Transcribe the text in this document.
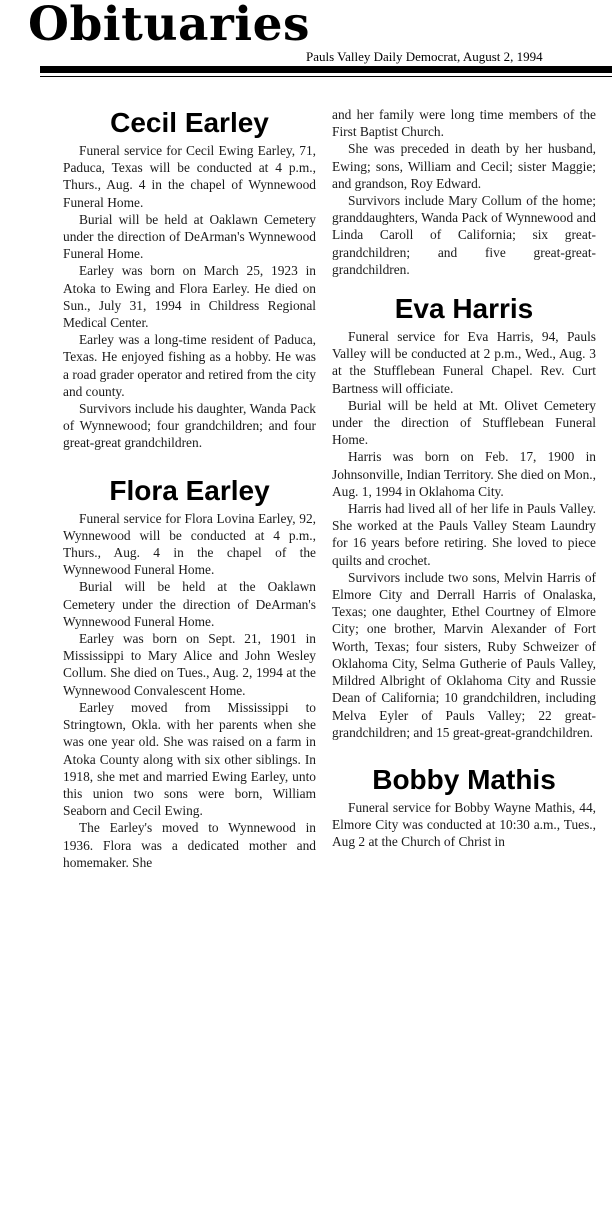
Obituaries
Pauls Valley Daily Democrat, August 2, 1994
Cecil Earley

Funeral service for Cecil Ewing Earley, 71, Paduca, Texas will be conducted at 4 p.m., Thurs., Aug. 4 in the chapel of Wynnewood Funeral Home.

Burial will be held at Oaklawn Cemetery under the direction of DeArman's Wynnewood Funeral Home.

Earley was born on March 25, 1923 in Atoka to Ewing and Flora Earley. He died on Sun., July 31, 1994 in Childress Regional Medical Center.

Earley was a long-time resident of Paduca, Texas. He enjoyed fishing as a hobby. He was a road grader operator and retired from the city and county.

Survivors include his daughter, Wanda Pack of Wynnewood; four grandchildren; and four great-great grandchildren.

Flora Earley

Funeral service for Flora Lovina Earley, 92, Wynnewood will be conducted at 4 p.m., Thurs., Aug. 4 in the chapel of the Wynnewood Funeral Home.

Burial will be held at the Oaklawn Cemetery under the direction of DeArman's Wynnewood Funeral Home.

Earley was born on Sept. 21, 1901 in Mississippi to Mary Alice and John Wesley Collum. She died on Tues., Aug. 2, 1994 at the Wynnewood Convalescent Home.

Earley moved from Mississippi to Stringtown, Okla. with her parents when she was one year old. She was raised on a farm in Atoka County along with six other siblings. In 1918, she met and married Ewing Earley, unto this union two sons were born, William Seaborn and Cecil Ewing.

The Earley's moved to Wynnewood in 1936. Flora was a dedicated mother and homemaker. She

and her family were long time members of the First Baptist Church.

She was preceded in death by her husband, Ewing; sons, William and Cecil; sister Maggie; and grandson, Roy Edward.

Survivors include Mary Collum of the home; granddaughters, Wanda Pack of Wynnewood and Linda Caroll of California; six great-grandchildren; and five great-great-grandchildren.

Eva Harris

Funeral service for Eva Harris, 94, Pauls Valley will be conducted at 2 p.m., Wed., Aug. 3 at the Stufflebean Funeral Chapel. Rev. Curt Bartness will officiate.

Burial will be held at Mt. Olivet Cemetery under the direction of Stufflebean Funeral Home.

Harris was born on Feb. 17, 1900 in Johnsonville, Indian Territory. She died on Mon., Aug. 1, 1994 in Oklahoma City.

Harris had lived all of her life in Pauls Valley. She worked at the Pauls Valley Steam Laundry for 16 years before retiring. She loved to piece quilts and crochet.

Survivors include two sons, Melvin Harris of Elmore City and Derrall Harris of Onalaska, Texas; one daughter, Ethel Courtney of Elmore City; one brother, Marvin Alexander of Fort Worth, Texas; four sisters, Ruby Schweizer of Oklahoma City, Selma Gutherie of Pauls Valley, Mildred Albright of Oklahoma City and Russie Dean of California; 10 grandchildren, including Melva Eyler of Pauls Valley; 22 great-grandchildren; and 15 great-great-grandchildren.

Bobby Mathis

Funeral service for Bobby Wayne Mathis, 44, Elmore City was conducted at 10:30 a.m., Tues., Aug 2 at the Church of Christ in
